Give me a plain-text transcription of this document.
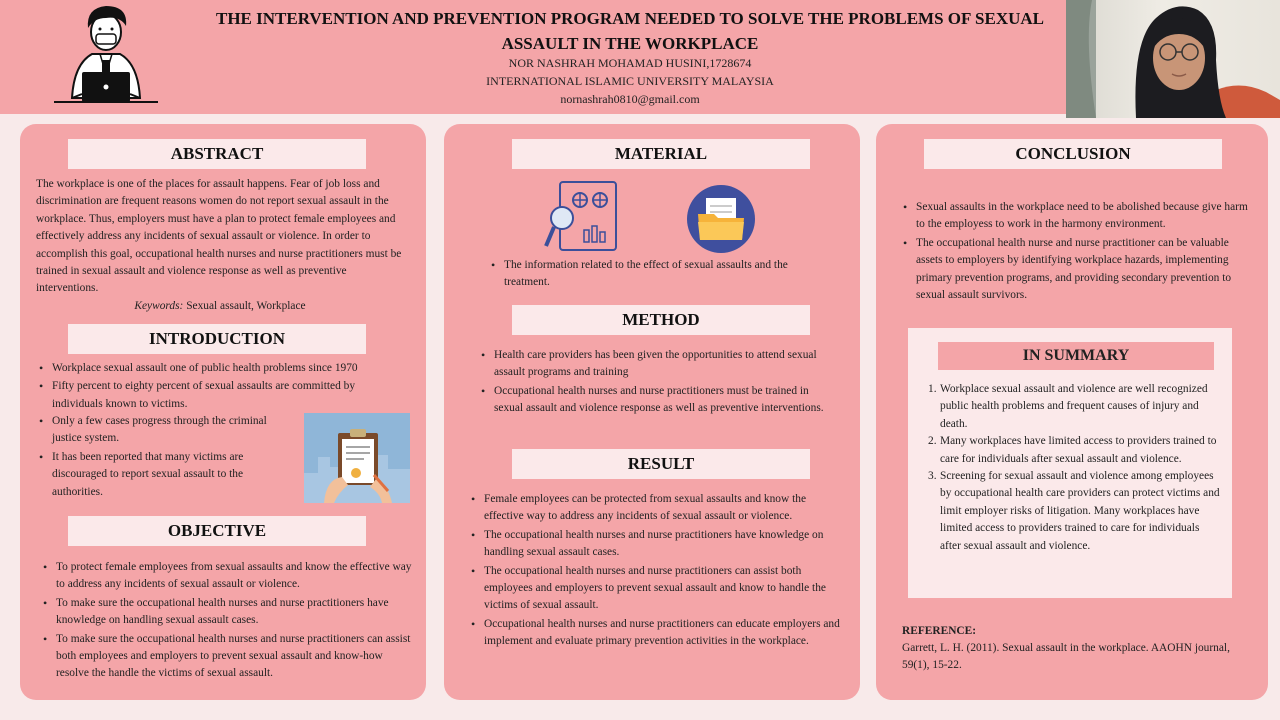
THE INTERVENTION AND PREVENTION PROGRAM NEEDED TO SOLVE THE PROBLEMS OF SEXUAL ASSAULT IN THE WORKPLACE
NOR NASHRAH MOHAMAD HUSINI,1728674
INTERNATIONAL ISLAMIC UNIVERSITY MALAYSIA
nornashrah0810@gmail.com
ABSTRACT

The workplace is one of the places for assault happens. Fear of job loss and discrimination are frequent reasons women do not report sexual assault in the workplace. Thus, employers must have a plan to protect female employees and effectively address any incidents of sexual assault or violence. In order to accomplish this goal, occupational health nurses and nurse practitioners must be trained in sexual assault and violence response as well as preventive interventions.

Keywords: Sexual assault, Workplace

INTRODUCTION
• Workplace sexual assault one of public health problems since 1970
• Fifty percent to eighty percent of sexual assaults are committed by individuals known to victims.
• Only a few cases progress through the criminal justice system.
• It has been reported that many victims are discouraged to report sexual assault to the authorities.
OBJECTIVE
• To protect female employees from sexual assaults and know the effective way to address any incidents of sexual assault or violence.
• To make sure the occupational health nurses and nurse practitioners have knowledge on handling sexual assault cases.
• To make sure the occupational health nurses and nurse practitioners can assist both employees and employers to prevent sexual assault and know-how resolve the handle the victims of sexual assault.
MATERIAL
• The information related to the effect of sexual assaults and the treatment.
METHOD
• Health care providers has been given the opportunities to attend sexual assault programs and training
• Occupational health nurses and nurse practitioners must be trained in sexual assault and violence response as well as preventive interventions.
RESULT
• Female employees can be protected from sexual assaults and know the effective way to address any incidents of sexual assault or violence.
• The occupational health nurses and nurse practitioners have knowledge on handling sexual assault cases.
• The occupational health nurses and nurse practitioners can assist both employees and employers to prevent sexual assault and know to handle the victims of sexual assault.
• Occupational health nurses and nurse practitioners can educate employers and implement and evaluate primary prevention activities in the workplace.
CONCLUSION
• Sexual assaults in the workplace need to be abolished because give harm to the employess to work in the harmony environment.
• The occupational health nurse and nurse practitioner can be valuable assets to employers by identifying workplace hazards, implementing primary prevention programs, and providing secondary prevention to sexual assault survivors.
IN SUMMARY
1. Workplace sexual assault and violence are well recognized public health problems and frequent causes of injury and death.
2. Many workplaces have limited access to providers trained to care for individuals after sexual assault and violence.
3. Screening for sexual assault and violence among employees by occupational health care providers can protect victims and limit employer risks of litigation. Many workplaces have limited access to providers trained to care for individuals after sexual assault and violence.
REFERENCE:
Garrett, L. H. (2011). Sexual assault in the workplace. AAOHN journal, 59(1), 15-22.
